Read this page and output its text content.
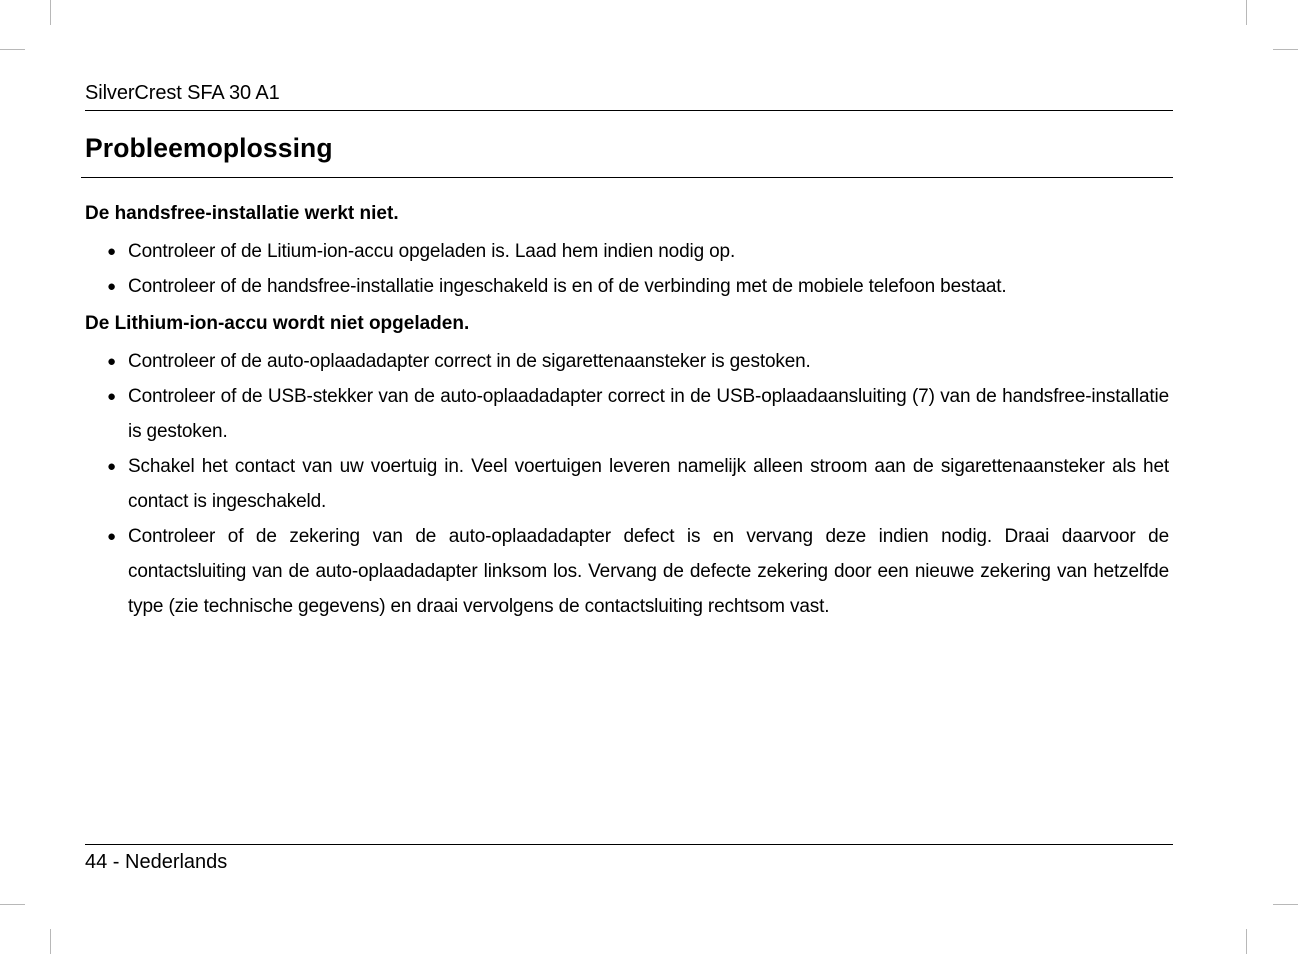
SilverCrest SFA 30 A1
Probleemoplossing
De handsfree-installatie werkt niet.
● Controleer of de Litium-ion-accu opgeladen is. Laad hem indien nodig op.
● Controleer of de handsfree-installatie ingeschakeld is en of de verbinding met de mobiele telefoon bestaat.
De Lithium-ion-accu wordt niet opgeladen.
● Controleer of de auto-oplaadadapter correct in de sigarettenaansteker is gestoken.
● Controleer of de USB-stekker van de auto-oplaadadapter correct in de USB-oplaadaansluiting (7) van de handsfree-installatie is gestoken.
● Schakel het contact van uw voertuig in. Veel voertuigen leveren namelijk alleen stroom aan de sigarettenaansteker als het contact is ingeschakeld.
● Controleer of de zekering van de auto-oplaadadapter defect is en vervang deze indien nodig. Draai daarvoor de contactsluiting van de auto-oplaadadapter linksom los. Vervang de defecte zekering door een nieuwe zekering van hetzelfde type (zie technische gegevens) en draai vervolgens de contactsluiting rechtsom vast.
44 - Nederlands
